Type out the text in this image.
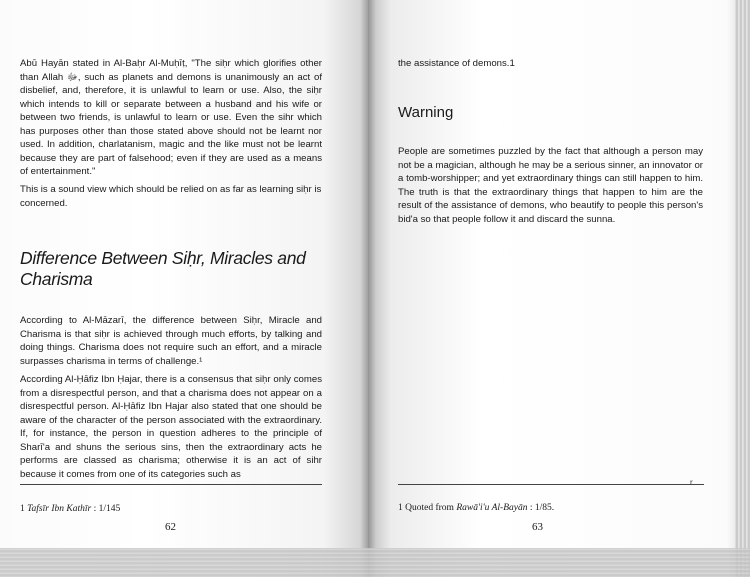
Abū Hayān stated in Al-Baḥr Al-Muḥīṭ, "The siḥr which glorifies other than Allah ﷻ, such as planets and demons is unanimously an act of disbelief, and, therefore, it is unlawful to learn or use. Also, the siḥr which intends to kill or separate between a husband and his wife or between two friends, is unlawful to learn or use. Even the sihr which has purposes other than those stated above should not be learnt nor used. In addition, charlatanism, magic and the like must not be learnt because they are part of falsehood; even if they are used as a means of entertainment."

This is a sound view which should be relied on as far as learning siḥr is concerned.

Difference Between Siḥr, Miracles and Charisma

According to Al-Māzarī, the difference between Siḥr, Miracle and Charisma is that siḥr is achieved through much efforts, by talking and doing things. Charisma does not require such an effort, and a miracle surpasses charisma in terms of challenge.¹

According Al-Ḥāfiz Ibn Ḥajar, there is a consensus that siḥr only comes from a disrespectful person, and that a charisma does not appear on a disrespectful person. Al-Ḥāfiz Ibn Hajar also stated that one should be aware of the character of the person associated with the extraordinary. If, for instance, the person in question adheres to the principle of Sharī'a and shuns the serious sins, then the extraordinary acts he performs are classed as charisma; otherwise it is an act of sihr because it comes from one of its categories such as

1 Tafsīr Ibn Kathīr : 1/145
62

the assistance of demons.1

Warning

People are sometimes puzzled by the fact that although a person may not be a magician, although he may be a serious sinner, an innovator or a tomb-worshipper; and yet extraordinary things can still happen to him. The truth is that the extraordinary things that happen to him are the result of the assistance of demons, who beautify to people this person's bid'a so that people follow it and discard the sunna.

r
1 Quoted from Rawā'i'u Al-Bayān : 1/85.
63
